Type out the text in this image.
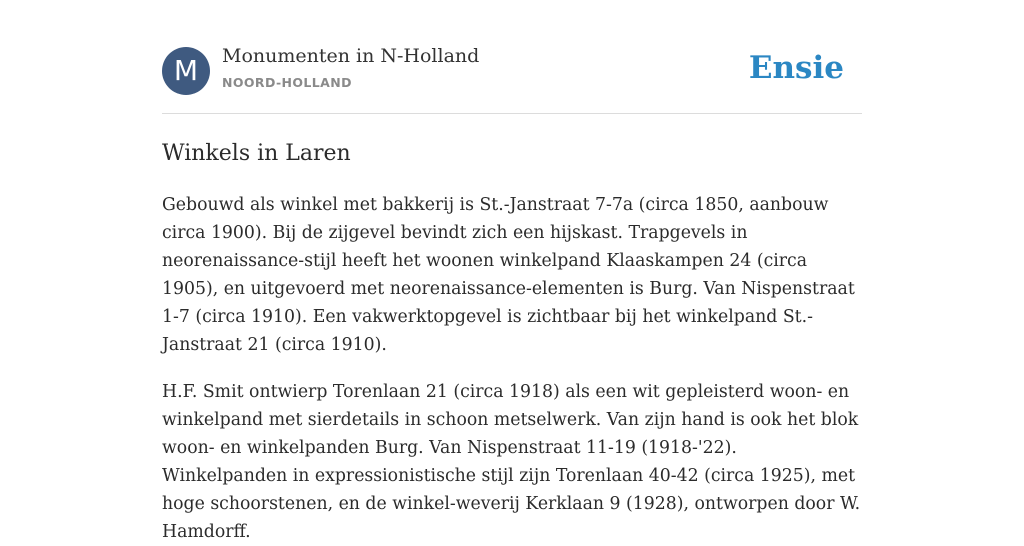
M	Monumenten in N-Holland
NOORD-HOLLAND	Ensie
Winkels in Laren

Gebouwd als winkel met bakkerij is St.-Janstraat 7-7a (circa 1850, aanbouw circa 1900). Bij de zijgevel bevindt zich een hijskast. Trapgevels in neorenaissance-stijl heeft het woonen winkelpand Klaaskampen 24 (circa 1905), en uitgevoerd met neorenaissance-elementen is Burg. Van Nispenstraat 1-7 (circa 1910). Een vakwerktopgevel is zichtbaar bij het winkelpand St.-Janstraat 21 (circa 1910).

H.F. Smit ontwierp Torenlaan 21 (circa 1918) als een wit gepleisterd woon- en winkelpand met sierdetails in schoon metselwerk. Van zijn hand is ook het blok woon- en winkelpanden Burg. Van Nispenstraat 11-19 (1918-'22). Winkelpanden in expressionistische stijl zijn Torenlaan 40-42 (circa 1925), met hoge schoorstenen, en de winkel-weverij Kerklaan 9 (1928), ontworpen door W. Hamdorff.
